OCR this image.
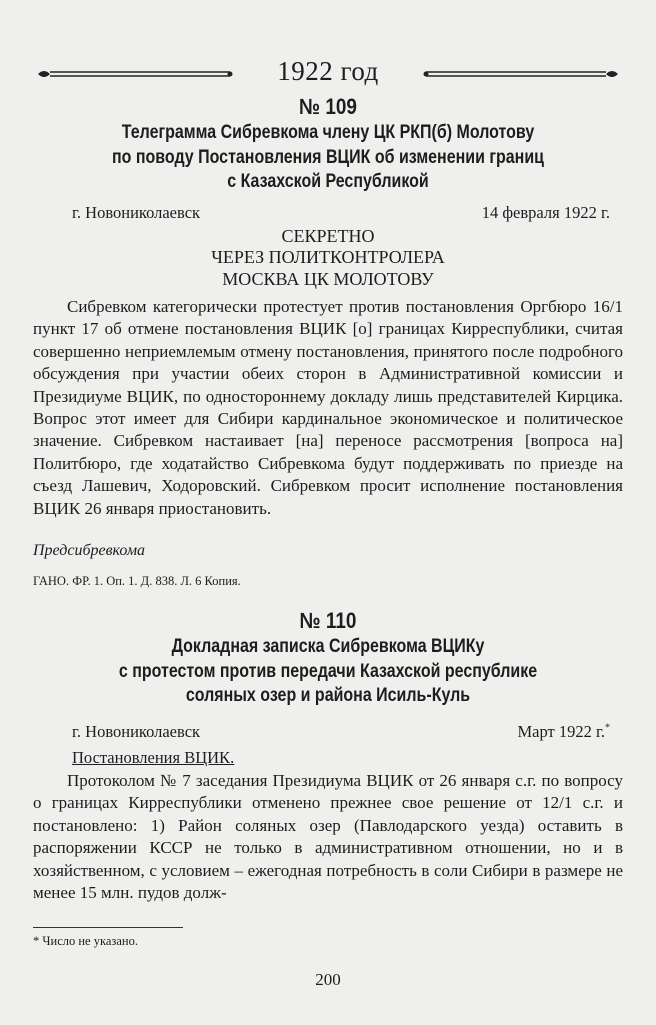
1922 год
№ 109
Телеграмма Сибревкома члену ЦК РКП(б) Молотову
по поводу Постановления ВЦИК об изменении границ
с Казахской Республикой
г. Новониколаевск	14 февраля 1922 г.
СЕКРЕТНО
ЧЕРЕЗ ПОЛИТКОНТРОЛЕРА
МОСКВА ЦК МОЛОТОВУ

Сибревком категорически протестует против постановления Оргбюро 16/1 пункт 17 об отмене постановления ВЦИК [о] границах Кирреспублики, считая совершенно неприемлемым отмену постановления, принятого после подробного обсуждения при участии обеих сторон в Административной комиссии и Президиуме ВЦИК, по одностороннему докладу лишь представителей Кирцика. Вопрос этот имеет для Сибири кардинальное экономическое и политическое значение. Сибревком настаивает [на] переносе рассмотрения [вопроса на] Политбюро, где ходатайство Сибревкома будут поддерживать по приезде на съезд Лашевич, Ходоровский. Сибревком просит исполнение постановления ВЦИК 26 января приостановить.

Предсибревкома
ГАНО. ФР. 1. Оп. 1. Д. 838. Л. 6 Копия.
№ 110
Докладная записка Сибревкома ВЦИКу
с протестом против передачи Казахской республике
соляных озер и района Исиль-Куль
г. Новониколаевск	Март 1922 г.*
Постановления ВЦИК.

Протоколом № 7 заседания Президиума ВЦИК от 26 января с.г. по вопросу о границах Кирреспублики отменено прежнее свое решение от 12/1 с.г. и постановлено: 1) Район соляных озер (Павлодарского уезда) оставить в распоряжении КССР не только в административном отношении, но и в хозяйственном, с условием – ежегодная потребность в соли Сибири в размере не менее 15 млн. пудов долж-

* Число не указано.
200
